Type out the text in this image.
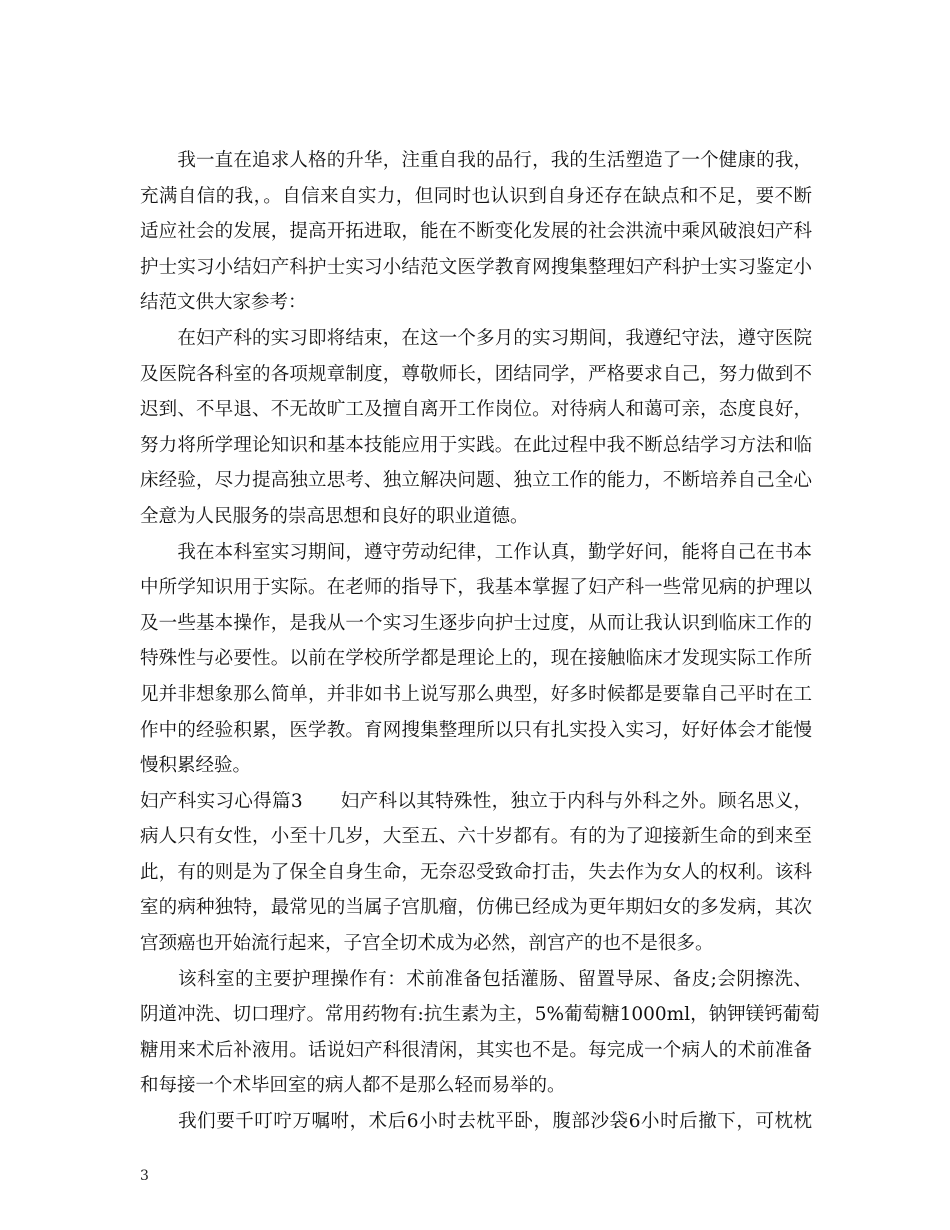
　　我一直在追求人格的升华，注重自我的品行，我的生活塑造了一个健康的我，
充满自信的我，。自信来自实力，但同时也认识到自身还存在缺点和不足，要不断
适应社会的发展，提高开拓进取，能在不断变化发展的社会洪流中乘风破浪妇产科
护士实习小结妇产科护士实习小结范文医学教育网搜集整理妇产科护士实习鉴定小
结范文供大家参考：
　　在妇产科的实习即将结束，在这一个多月的实习期间，我遵纪守法，遵守医院
及医院各科室的各项规章制度，尊敬师长，团结同学，严格要求自己，努力做到不
迟到、不早退、不无故旷工及擅自离开工作岗位。对待病人和蔼可亲，态度良好，
努力将所学理论知识和基本技能应用于实践。在此过程中我不断总结学习方法和临
床经验，尽力提高独立思考、独立解决问题、独立工作的能力，不断培养自己全心
全意为人民服务的崇高思想和良好的职业道德。
　　我在本科室实习期间，遵守劳动纪律，工作认真，勤学好问，能将自己在书本
中所学知识用于实际。在老师的指导下，我基本掌握了妇产科一些常见病的护理以
及一些基本操作，是我从一个实习生逐步向护士过度，从而让我认识到临床工作的
特殊性与必要性。以前在学校所学都是理论上的，现在接触临床才发现实际工作所
见并非想象那么简单，并非如书上说写那么典型，好多时候都是要靠自己平时在工
作中的经验积累，医学教。育网搜集整理所以只有扎实投入实习，好好体会才能慢
慢积累经验。
妇产科实习心得篇3　　妇产科以其特殊性，独立于内科与外科之外。顾名思义，
病人只有女性，小至十几岁，大至五、六十岁都有。有的为了迎接新生命的到来至
此，有的则是为了保全自身生命，无奈忍受致命打击，失去作为女人的权利。该科
室的病种独特，最常见的当属子宫肌瘤，仿佛已经成为更年期妇女的多发病，其次
宫颈癌也开始流行起来，子宫全切术成为必然，剖宫产的也不是很多。
　　该科室的主要护理操作有：术前准备包括灌肠、留置导尿、备皮;会阴擦洗、
阴道冲洗、切口理疗。常用药物有:抗生素为主，5%葡萄糖1000ml，钠钾镁钙葡萄
糖用来术后补液用。话说妇产科很清闲，其实也不是。每完成一个病人的术前准备
和每接一个术毕回室的病人都不是那么轻而易举的。
　　我们要千叮咛万嘱咐，术后6小时去枕平卧，腹部沙袋6小时后撤下，可枕枕
3
